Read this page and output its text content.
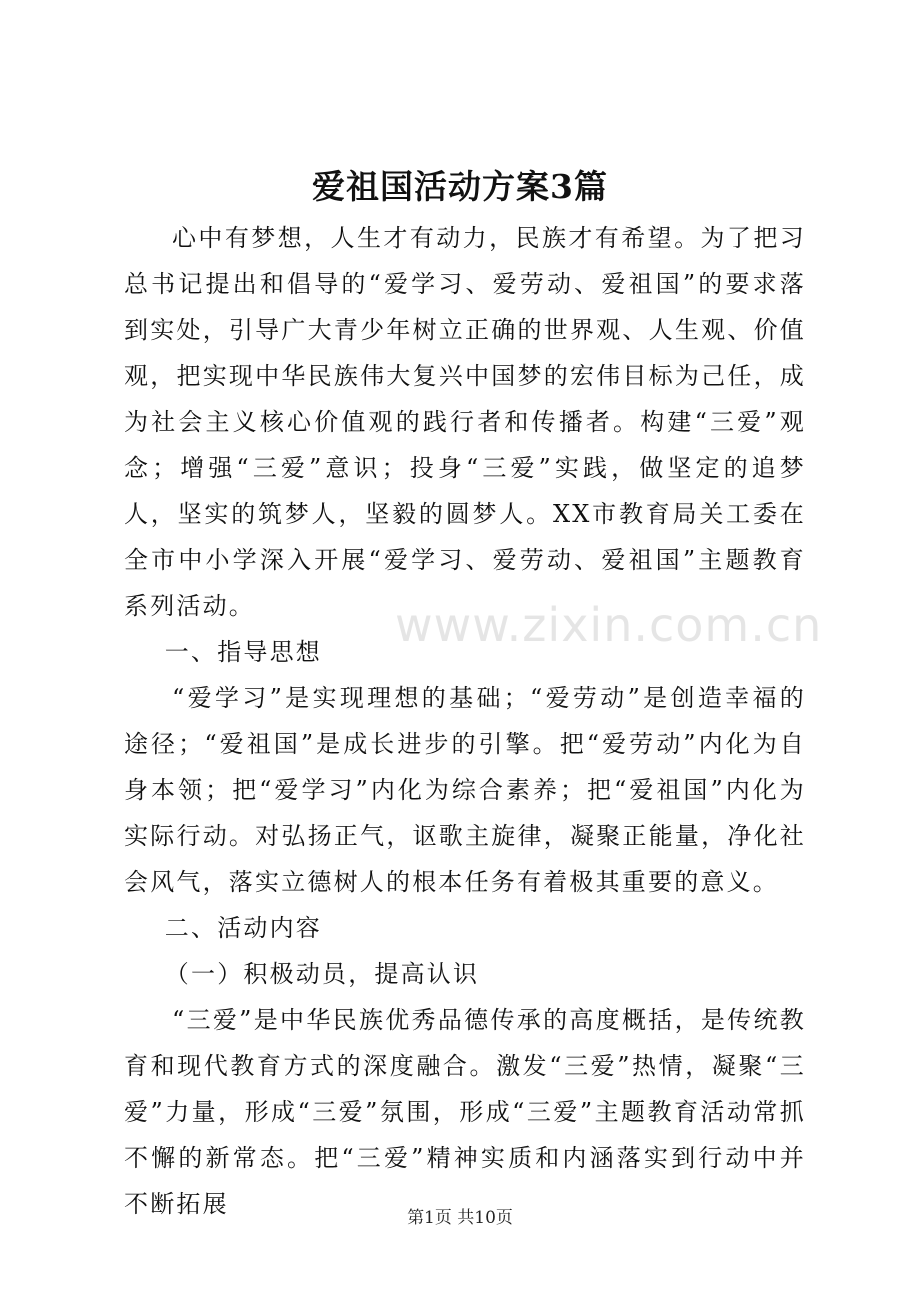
爱祖国活动方案3篇

心中有梦想，人生才有动力，民族才有希望。为了把习总书记提出和倡导的“爱学习、爱劳动、爱祖国”的要求落到实处，引导广大青少年树立正确的世界观、人生观、价值观，把实现中华民族伟大复兴中国梦的宏伟目标为己任，成为社会主义核心价值观的践行者和传播者。构建“三爱”观念；增强“三爱”意识；投身“三爱”实践，做坚定的追梦人，坚实的筑梦人，坚毅的圆梦人。XX市教育局关工委在全市中小学深入开展“爱学习、爱劳动、爱祖国”主题教育系列活动。

一、指导思想

“爱学习”是实现理想的基础；“爱劳动”是创造幸福的途径；“爱祖国”是成长进步的引擎。把“爱劳动”内化为自身本领；把“爱学习”内化为综合素养；把“爱祖国”内化为实际行动。对弘扬正气，讴歌主旋律，凝聚正能量，净化社会风气，落实立德树人的根本任务有着极其重要的意义。

二、活动内容

（一）积极动员，提高认识

“三爱”是中华民族优秀品德传承的高度概括，是传统教育和现代教育方式的深度融合。激发“三爱”热情，凝聚“三爱”力量，形成“三爱”氛围，形成“三爱”主题教育活动常抓不懈的新常态。把“三爱”精神实质和内涵落实到行动中并不断拓展

www.zixin.com.cn
第1页 共10页
